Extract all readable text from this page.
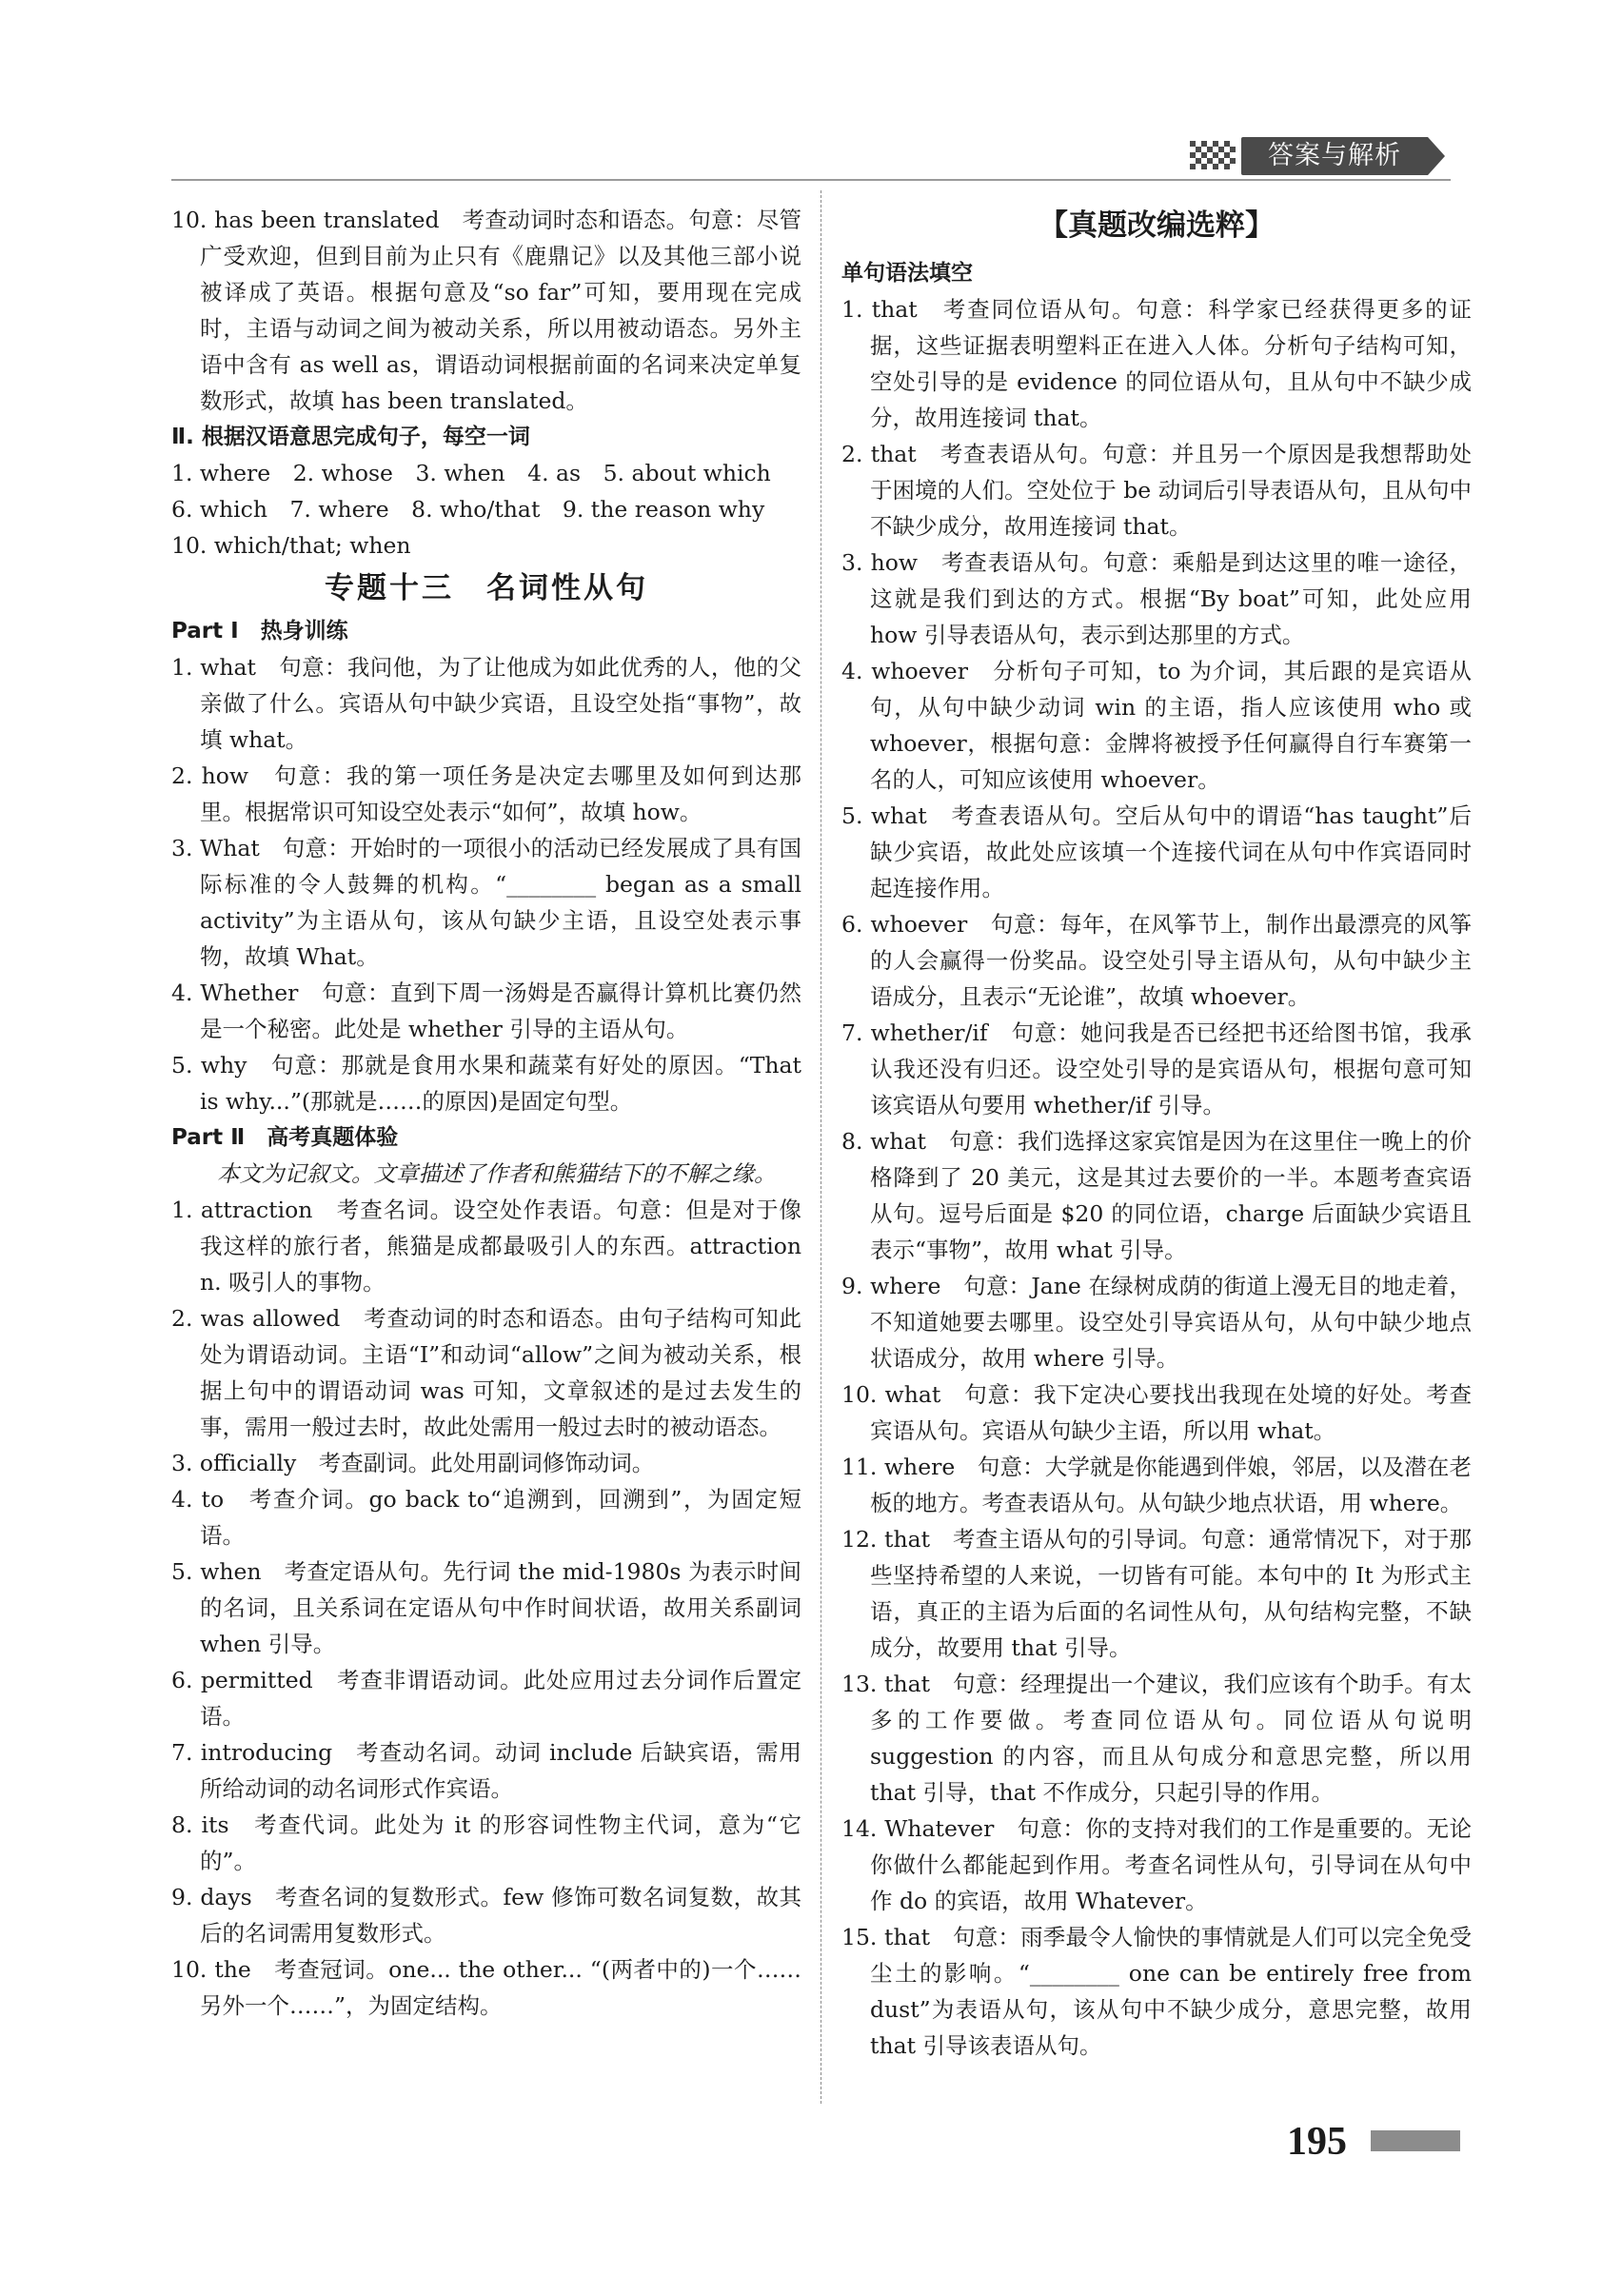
答案与解析
10. has been translated　考查动词时态和语态。句意：尽管广受欢迎，但到目前为止只有《鹿鼎记》以及其他三部小说被译成了英语。根据句意及“so far”可知，要用现在完成时，主语与动词之间为被动关系，所以用被动语态。另外主语中含有 as well as，谓语动词根据前面的名词来决定单复数形式，故填 has been translated。
Ⅱ. 根据汉语意思完成句子，每空一词
1. where　2. whose　3. when　4. as　5. about which
6. which　7. where　8. who/that　9. the reason why
10. which/that; when
专题十三　名词性从句
Part Ⅰ　热身训练
1. what　句意：我问他，为了让他成为如此优秀的人，他的父亲做了什么。宾语从句中缺少宾语，且设空处指“事物”，故填 what。
2. how　句意：我的第一项任务是决定去哪里及如何到达那里。根据常识可知设空处表示“如何”，故填 how。
3. What　句意：开始时的一项很小的活动已经发展成了具有国际标准的令人鼓舞的机构。“________ began as a small activity”为主语从句，该从句缺少主语，且设空处表示事物，故填 What。
4. Whether　句意：直到下周一汤姆是否赢得计算机比赛仍然是一个秘密。此处是 whether 引导的主语从句。
5. why　句意：那就是食用水果和蔬菜有好处的原因。“That is why...”(那就是……的原因)是固定句型。
Part Ⅱ　高考真题体验
本文为记叙文。文章描述了作者和熊猫结下的不解之缘。
1. attraction　考查名词。设空处作表语。句意：但是对于像我这样的旅行者，熊猫是成都最吸引人的东西。attraction n. 吸引人的事物。
2. was allowed　考查动词的时态和语态。由句子结构可知此处为谓语动词。主语“I”和动词“allow”之间为被动关系，根据上句中的谓语动词 was 可知，文章叙述的是过去发生的事，需用一般过去时，故此处需用一般过去时的被动语态。
3. officially　考查副词。此处用副词修饰动词。
4. to　考查介词。go back to“追溯到，回溯到”，为固定短语。
5. when　考查定语从句。先行词 the mid-1980s 为表示时间的名词，且关系词在定语从句中作时间状语，故用关系副词 when 引导。
6. permitted　考查非谓语动词。此处应用过去分词作后置定语。
7. introducing　考查动名词。动词 include 后缺宾语，需用所给动词的动名词形式作宾语。
8. its　考查代词。此处为 it 的形容词性物主代词，意为“它的”。
9. days　考查名词的复数形式。few 修饰可数名词复数，故其后的名词需用复数形式。
10. the　考查冠词。one... the other... “(两者中的)一个……另外一个……”，为固定结构。
【真题改编选粹】
单句语法填空
1. that　考查同位语从句。句意：科学家已经获得更多的证据，这些证据表明塑料正在进入人体。分析句子结构可知，空处引导的是 evidence 的同位语从句，且从句中不缺少成分，故用连接词 that。
2. that　考查表语从句。句意：并且另一个原因是我想帮助处于困境的人们。空处位于 be 动词后引导表语从句，且从句中不缺少成分，故用连接词 that。
3. how　考查表语从句。句意：乘船是到达这里的唯一途径，这就是我们到达的方式。根据“By boat”可知，此处应用 how 引导表语从句，表示到达那里的方式。
4. whoever　分析句子可知，to 为介词，其后跟的是宾语从句，从句中缺少动词 win 的主语，指人应该使用 who 或 whoever，根据句意：金牌将被授予任何赢得自行车赛第一名的人，可知应该使用 whoever。
5. what　考查表语从句。空后从句中的谓语“has taught”后缺少宾语，故此处应该填一个连接代词在从句中作宾语同时起连接作用。
6. whoever　句意：每年，在风筝节上，制作出最漂亮的风筝的人会赢得一份奖品。设空处引导主语从句，从句中缺少主语成分，且表示“无论谁”，故填 whoever。
7. whether/if　句意：她问我是否已经把书还给图书馆，我承认我还没有归还。设空处引导的是宾语从句，根据句意可知该宾语从句要用 whether/if 引导。
8. what　句意：我们选择这家宾馆是因为在这里住一晚上的价格降到了 20 美元，这是其过去要价的一半。本题考查宾语从句。逗号后面是 $20 的同位语，charge 后面缺少宾语且表示“事物”，故用 what 引导。
9. where　句意：Jane 在绿树成荫的街道上漫无目的地走着，不知道她要去哪里。设空处引导宾语从句，从句中缺少地点状语成分，故用 where 引导。
10. what　句意：我下定决心要找出我现在处境的好处。考查宾语从句。宾语从句缺少主语，所以用 what。
11. where　句意：大学就是你能遇到伴娘，邻居，以及潜在老板的地方。考查表语从句。从句缺少地点状语，用 where。
12. that　考查主语从句的引导词。句意：通常情况下，对于那些坚持希望的人来说，一切皆有可能。本句中的 It 为形式主语，真正的主语为后面的名词性从句，从句结构完整，不缺成分，故要用 that 引导。
13. that　句意：经理提出一个建议，我们应该有个助手。有太多的工作要做。考查同位语从句。同位语从句说明 suggestion 的内容，而且从句成分和意思完整，所以用 that 引导，that 不作成分，只起引导的作用。
14. Whatever　句意：你的支持对我们的工作是重要的。无论你做什么都能起到作用。考查名词性从句，引导词在从句中作 do 的宾语，故用 Whatever。
15. that　句意：雨季最令人愉快的事情就是人们可以完全免受尘土的影响。“________ one can be entirely free from dust”为表语从句，该从句中不缺少成分，意思完整，故用 that 引导该表语从句。
195
